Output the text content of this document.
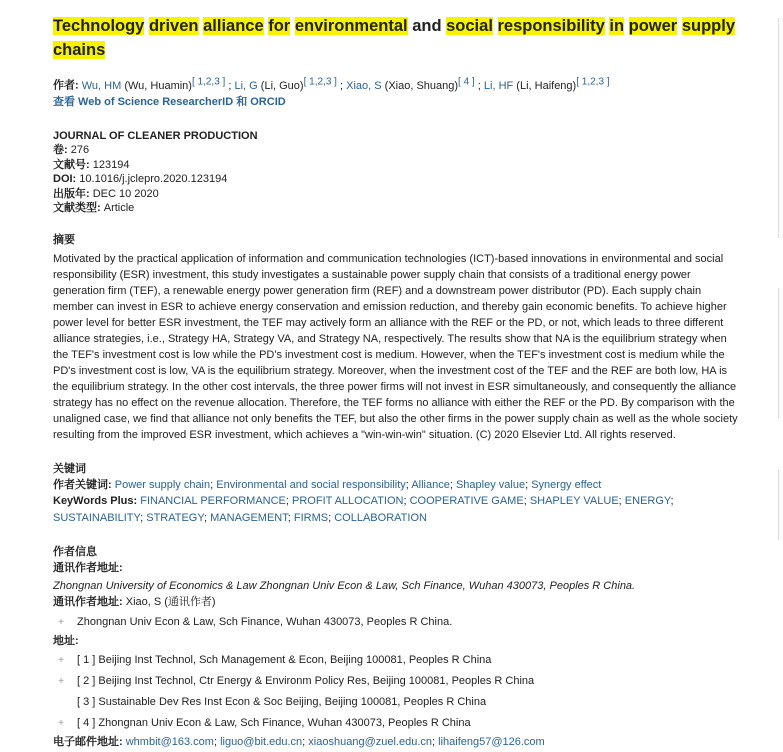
Technology driven alliance for environmental and social responsibility in power supply chains
作者: Wu, HM (Wu, Huamin)[ 1,2,3 ] ; Li, G (Li, Guo)[ 1,2,3 ] ; Xiao, S (Xiao, Shuang)[ 4 ] ; Li, HF (Li, Haifeng)[ 1,2,3 ]
查看 Web of Science ResearcherID 和 ORCID
JOURNAL OF CLEANER PRODUCTION
卷: 276
文献号: 123194
DOI: 10.1016/j.jclepro.2020.123194
出版年: DEC 10 2020
文献类型: Article
摘要
Motivated by the practical application of information and communication technologies (ICT)-based innovations in environmental and social responsibility (ESR) investment, this study investigates a sustainable power supply chain that consists of a traditional energy power generation firm (TEF), a renewable energy power generation firm (REF) and a downstream power distributor (PD). Each supply chain member can invest in ESR to achieve energy conservation and emission reduction, and thereby gain economic benefits. To achieve higher power level for better ESR investment, the TEF may actively form an alliance with the REF or the PD, or not, which leads to three different alliance strategies, i.e., Strategy HA, Strategy VA, and Strategy NA, respectively. The results show that NA is the equilibrium strategy when the TEF's investment cost is low while the PD's investment cost is medium. However, when the TEF's investment cost is medium while the PD's investment cost is low, VA is the equilibrium strategy. Moreover, when the investment cost of the TEF and the REF are both low, HA is the equilibrium strategy. In the other cost intervals, the three power firms will not invest in ESR simultaneously, and consequently the alliance strategy has no effect on the revenue allocation. Therefore, the TEF forms no alliance with either the REF or the PD. By comparison with the unaligned case, we find that alliance not only benefits the TEF, but also the other firms in the power supply chain as well as the whole society resulting from the improved ESR investment, which achieves a "win-win-win" situation. (C) 2020 Elsevier Ltd. All rights reserved.
关键词
作者关键词: Power supply chain; Environmental and social responsibility; Alliance; Shapley value; Synergy effect
KeyWords Plus: FINANCIAL PERFORMANCE; PROFIT ALLOCATION; COOPERATIVE GAME; SHAPLEY VALUE; ENERGY; SUSTAINABILITY; STRATEGY; MANAGEMENT; FIRMS; COLLABORATION
作者信息
通讯作者地址:
Zhongnan University of Economics & Law Zhongnan Univ Econ & Law, Sch Finance, Wuhan 430073, Peoples R China.
通讯作者地址: Xiao, S (通讯作者)
+ Zhongnan Univ Econ & Law, Sch Finance, Wuhan 430073, Peoples R China.
地址:
+ [ 1 ] Beijing Inst Technol, Sch Management & Econ, Beijing 100081, Peoples R China
+ [ 2 ] Beijing Inst Technol, Ctr Energy & Environm Policy Res, Beijing 100081, Peoples R China
[ 3 ] Sustainable Dev Res Inst Econ & Soc Beijing, Beijing 100081, Peoples R China
+ [ 4 ] Zhongnan Univ Econ & Law, Sch Finance, Wuhan 430073, Peoples R China
电子邮件地址: whmbit@163.com; liguo@bit.edu.cn; xiaoshuang@zuel.edu.cn; lihaifeng57@126.com
